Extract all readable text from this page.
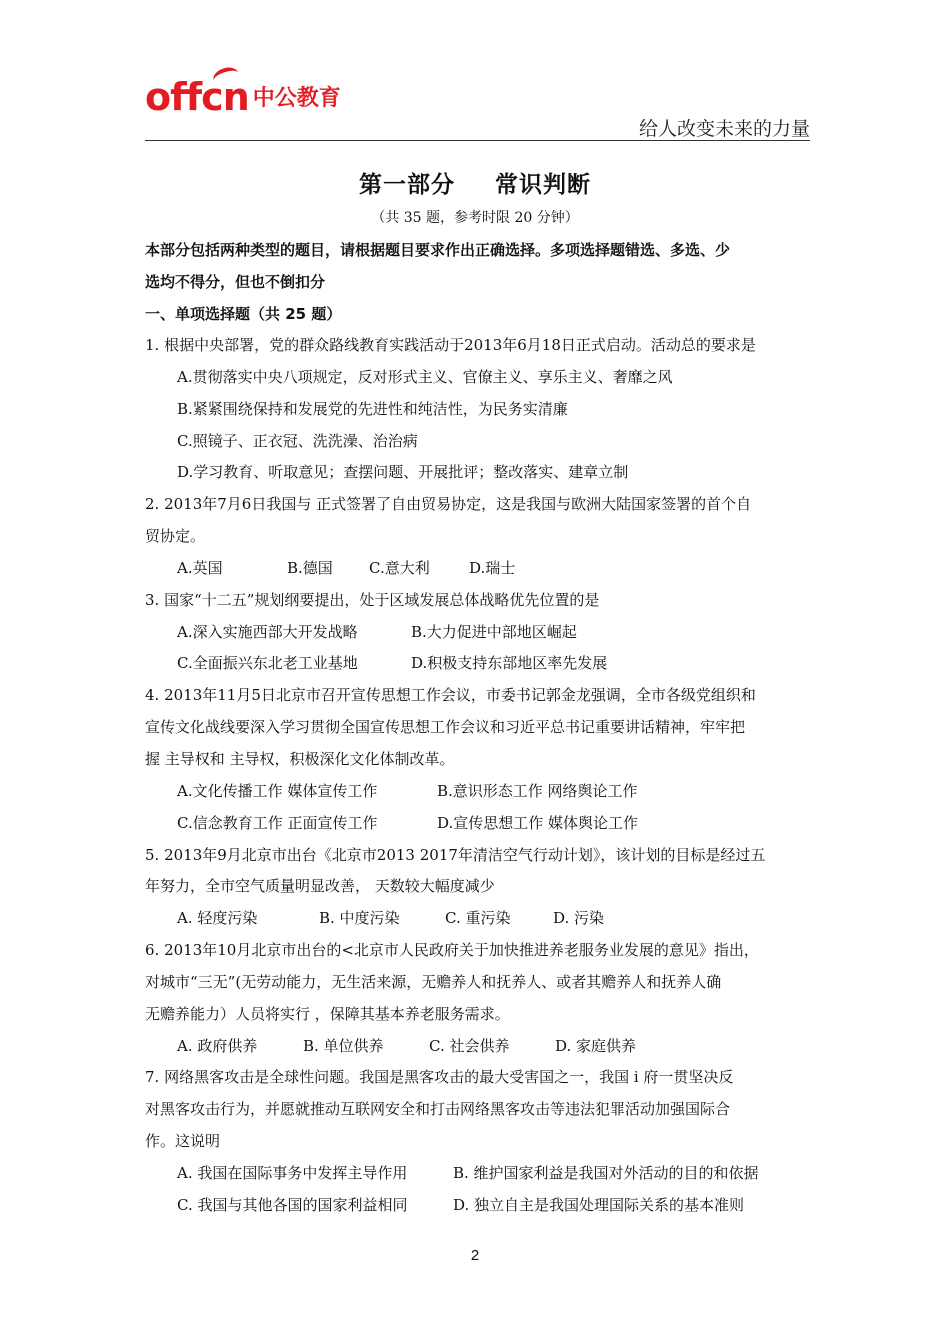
offcn 中公教育
给人改变未来的力量
第一部分 常识判断
（共 35 题，参考时限 20 分钟）
本部分包括两种类型的题目，请根据题目要求作出正确选择。多项选择题错选、多选、少
选均不得分，但也不倒扣分
一、单项选择题（共 25 题）
1. 根据中央部署，党的群众路线教育实践活动于2013年6月18日正式启动。活动总的要求是
A.贯彻落实中央八项规定，反对形式主义、官僚主义、享乐主义、奢靡之风
B.紧紧围绕保持和发展党的先进性和纯洁性，为民务实清廉
C.照镜子、正衣冠、洗洗澡、治治病
D.学习教育、听取意见；查摆问题、开展批评；整改落实、建章立制
2. 2013年7月6日我国与 正式签署了自由贸易协定，这是我国与欧洲大陆国家签署的首个自
贸协定。
A.英国	B.德国 C.意大利	D.瑞士
3. 国家“十二五”规划纲要提出，处于区域发展总体战略优先位置的是
A.深入实施西部大开发战略	B.大力促进中部地区崛起
C.全面振兴东北老工业基地	D.积极支持东部地区率先发展
4. 2013年11月5日北京市召开宣传思想工作会议，市委书记郭金龙强调，全市各级党组织和
宣传文化战线要深入学习贯彻全国宣传思想工作会议和习近平总书记重要讲话精神，牢牢把
握 主导权和 主导权，积极深化文化体制改革。
A.文化传播工作 媒体宣传工作	B.意识形态工作 网络舆论工作
C.信念教育工作 正面宣传工作	D.宣传思想工作 媒体舆论工作
5. 2013年9月北京市出台《北京市2013 2017年清洁空气行动计划》，该计划的目标是经过五
年努力，全市空气质量明显改善， 天数较大幅度减少
A. 轻度污染	B. 中度污染	C. 重污染	D. 污染
6. 2013年10月北京市出台的<北京市人民政府关于加快推进养老服务业发展的意见》指出，
对城市“三无”(无劳动能力，无生活来源，无赡养人和抚养人、或者其赡养人和抚养人确
无赡养能力）人员将实行 ，保障其基本养老服务需求。
A. 政府供养	B. 单位供养	C. 社会供养	D. 家庭供养
7. 网络黑客攻击是全球性问题。我国是黑客攻击的最大受害国之一，我国 i 府一贯坚决反
对黑客攻击行为，并愿就推动互联网安全和打击网络黑客攻击等违法犯罪活动加强国际合
作。这说明
A. 我国在国际事务中发挥主导作用	B. 维护国家利益是我国对外活动的目的和依据
C. 我国与其他各国的国家利益相同	D. 独立自主是我国处理国际关系的基本准则
2
